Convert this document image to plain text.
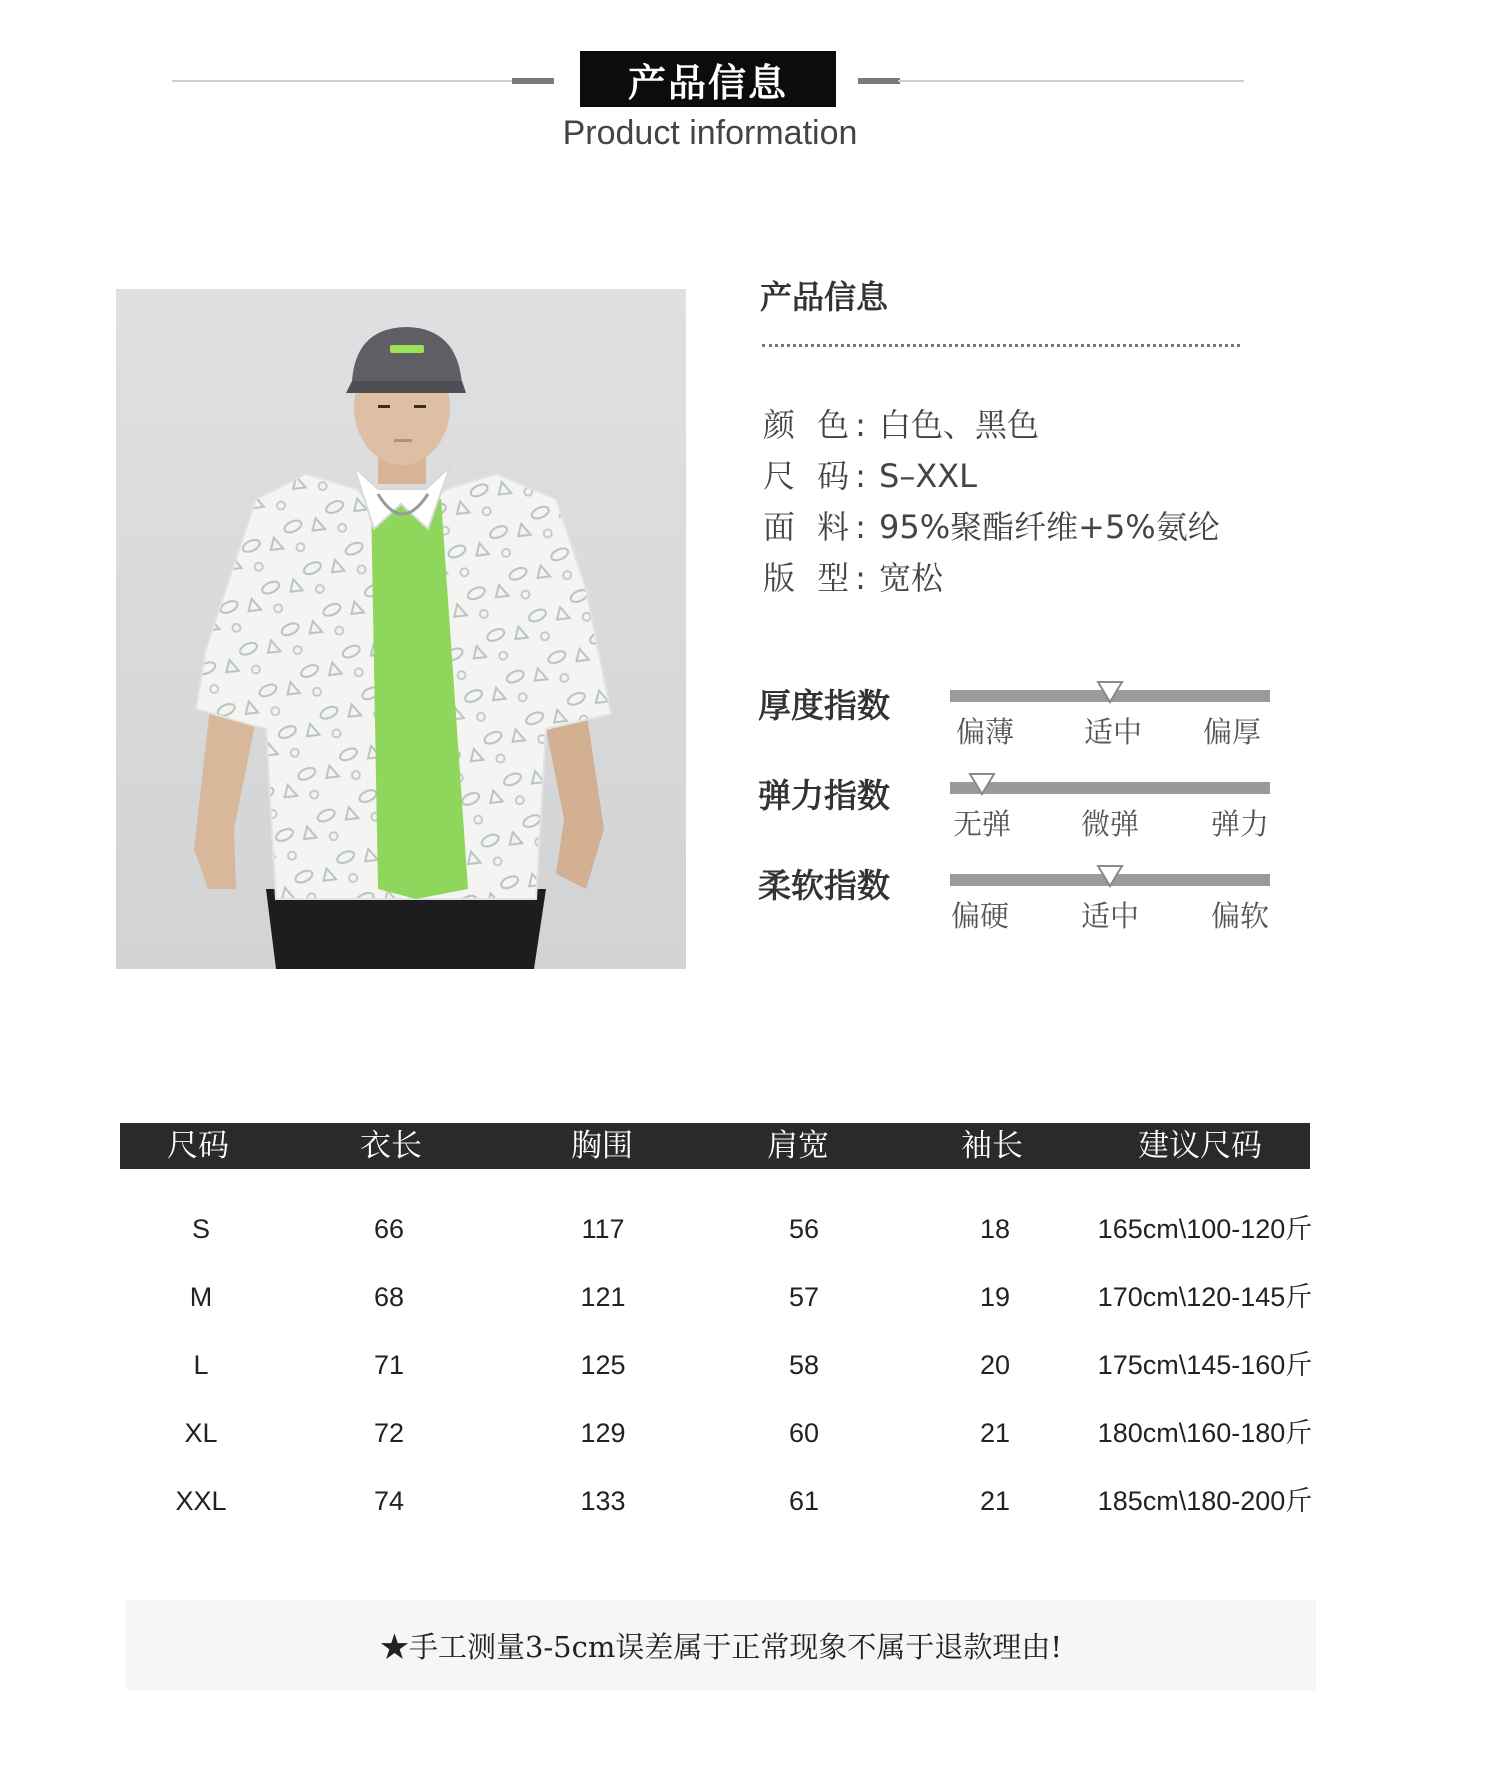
产品信息
Product information
产品信息
颜 色: 白色、黑色
尺 码: S–XXL
面 料: 95%聚酯纤维+5%氨纶
版 型: 宽松
厚度指数
偏薄 适中 偏厚
弹力指数
无弹 微弹 弹力
柔软指数
偏硬 适中 偏软
尺码	衣长	胸围	肩宽	袖长	建议尺码
S	66	117	56	18	165cm\100-120斤
M	68	121	57	19	170cm\120-145斤
L	71	125	58	20	175cm\145-160斤
XL	72	129	60	21	180cm\160-180斤
XXL	74	133	61	21	185cm\180-200斤
★手工测量3-5cm误差属于正常现象不属于退款理由!
